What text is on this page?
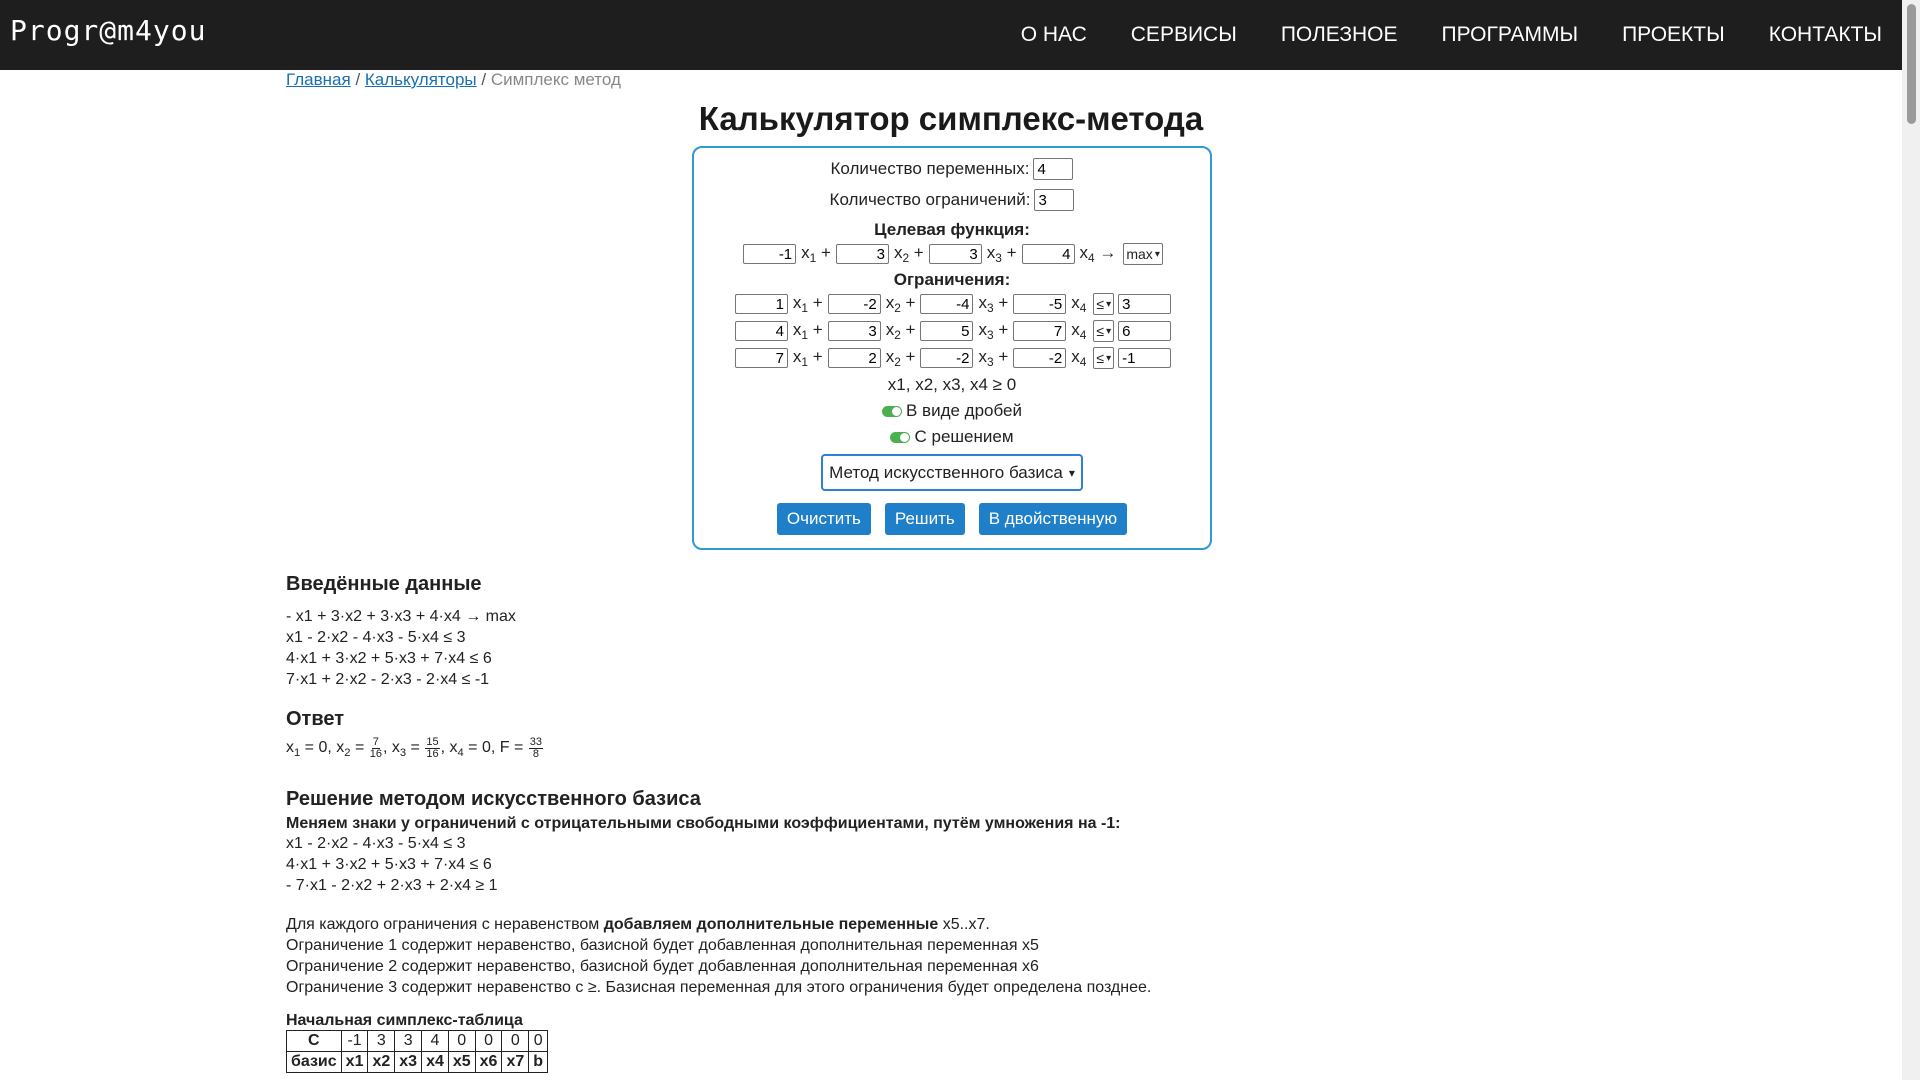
Progr@m4you	О НАС СЕРВИСЫ ПОЛЕЗНОЕ ПРОГРАММЫ ПРОЕКТЫ КОНТАКТЫ
Главная / Калькуляторы / Симплекс метод
Калькулятор симплекс-метода
Количество переменных:
4
Количество ограничений:
3
Целевая функция:
-1
$x_1$ +
3	$x_2$ +
3	$x_3$ +
4	$x_4 \to \max$ ▾
Ограничения:
1
$x_1$ +
-2	$x_2$ +
-4	$x_3$ +
-5	$x_4$ ≤ ▾
3
4
$x_1$ +
3	$x_2$ +
5	$x_3$ +
7	$x_4$ ≤ ▾
6
7
$x_1$ +
2	$x_2$ +
-2	$x_3$ +
-2	$x_4$ ≤ ▾
-1
x1, x2, x3, x4 ≥ 0
В виде дробей
С решением
Метод искусственного базиса ▾
Очистить	Решить	В двойственную
Введённые данные
- x1 + 3·x2 + 3·x3 + 4·x4 → max
x1 - 2·x2 - 4·x3 - 5·x4 ≤ 3
4·x1 + 3·x2 + 5·x3 + 7·x4 ≤ 6
7·x1 + 2·x2 - 2·x3 - 2·x4 ≤ -1
Ответ
$x_1 = 0$, $x_2 = \frac{7}{16}$ , $x_3 = \frac{15}{16}$ , $x_4 = 0$, $F = \frac{33}{8}$
Решение методом искусственного базиса
Меняем знаки у ограничений с отрицательными свободными коэффициентами, путём умножения на -1:
x1 - 2·x2 - 4·x3 - 5·x4 ≤ 3
4·x1 + 3·x2 + 5·x3 + 7·x4 ≤ 6
- 7·x1 - 2·x2 + 2·x3 + 2·x4 ≥ 1
Для каждого ограничения с неравенством добавляем дополнительные переменные x5..x7.
Ограничение 1 содержит неравенство, базисной будет добавленная дополнительная переменная x5
Ограничение 2 содержит неравенство, базисной будет добавленная дополнительная переменная x6
Ограничение 3 содержит неравенство с ≥. Базисная переменная для этого ограничения будет определена позднее.
Начальная симплекс-таблица
C	-1	3	3	4	0	0	0	0
базис	x1	x2	x3	x4	x5	x6	x7	b
